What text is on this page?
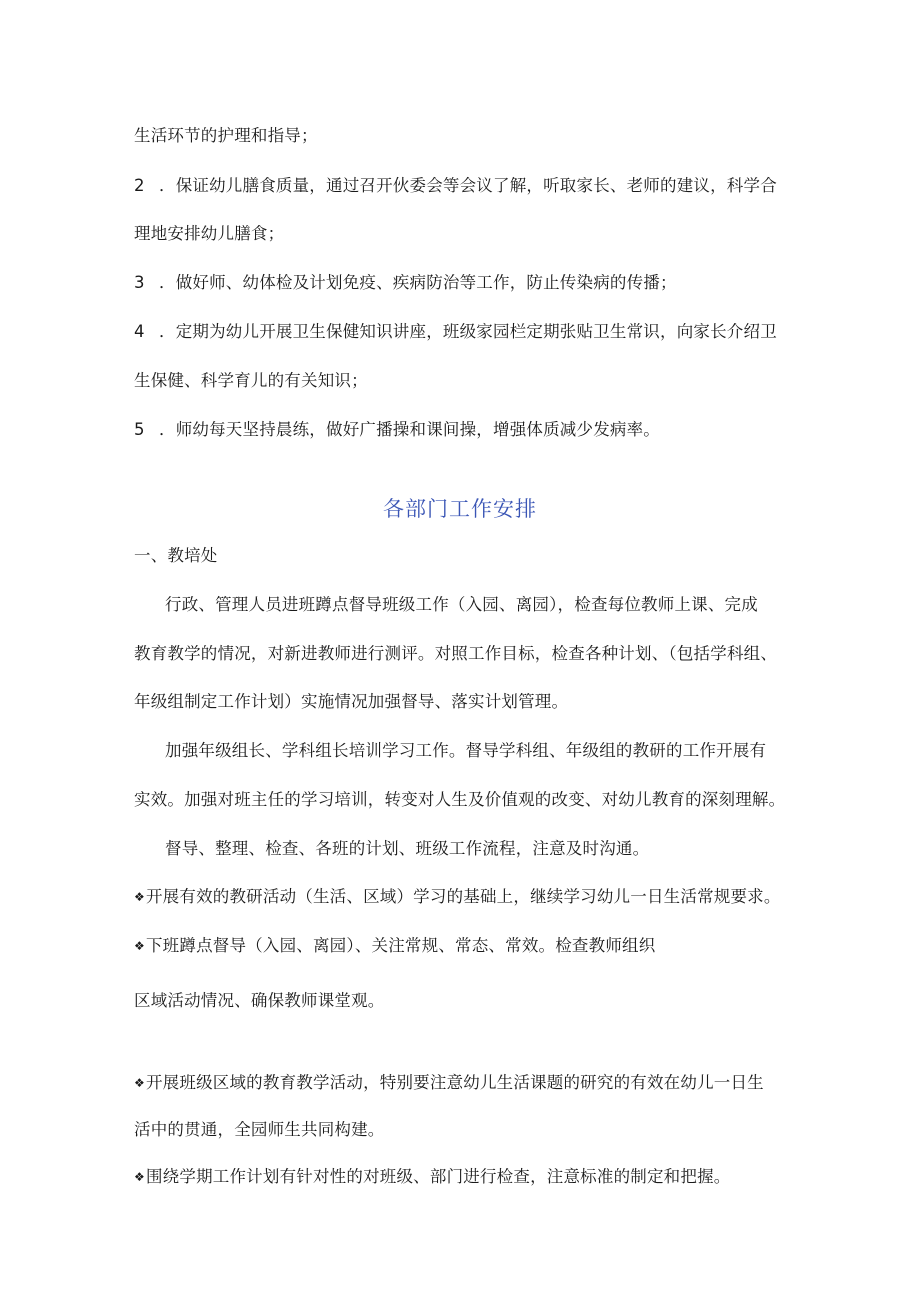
生活环节的护理和指导；
2 ．保证幼儿膳食质量，通过召开伙委会等会议了解，听取家长、老师的建议，科学合
理地安排幼儿膳食；
3 ．做好师、幼体检及计划免疫、疾病防治等工作，防止传染病的传播；
4 ．定期为幼儿开展卫生保健知识讲座，班级家园栏定期张贴卫生常识，向家长介绍卫
生保健、科学育儿的有关知识；
5 ．师幼每天坚持晨练，做好广播操和课间操，增强体质减少发病率。
各部门工作安排
一、教培处
行政、管理人员进班蹲点督导班级工作（入园、离园），检查每位教师上课、完成
教育教学的情况，对新进教师进行测评。对照工作目标，检查各种计划、（包括学科组、
年级组制定工作计划）实施情况加强督导、落实计划管理。
加强年级组长、学科组长培训学习工作。督导学科组、年级组的教研的工作开展有
实效。加强对班主任的学习培训，转变对人生及价值观的改变、对幼儿教育的深刻理解。
督导、整理、检查、各班的计划、班级工作流程，注意及时沟通。
❖开展有效的教研活动（生活、区域）学习的基础上，继续学习幼儿一日生活常规要求。
❖下班蹲点督导（入园、离园）、关注常规、常态、常效。检查教师组织
区域活动情况、确保教师课堂观。
❖开展班级区域的教育教学活动，特别要注意幼儿生活课题的研究的有效在幼儿一日生
活中的贯通，全园师生共同构建。
❖围绕学期工作计划有针对性的对班级、部门进行检查，注意标准的制定和把握。
